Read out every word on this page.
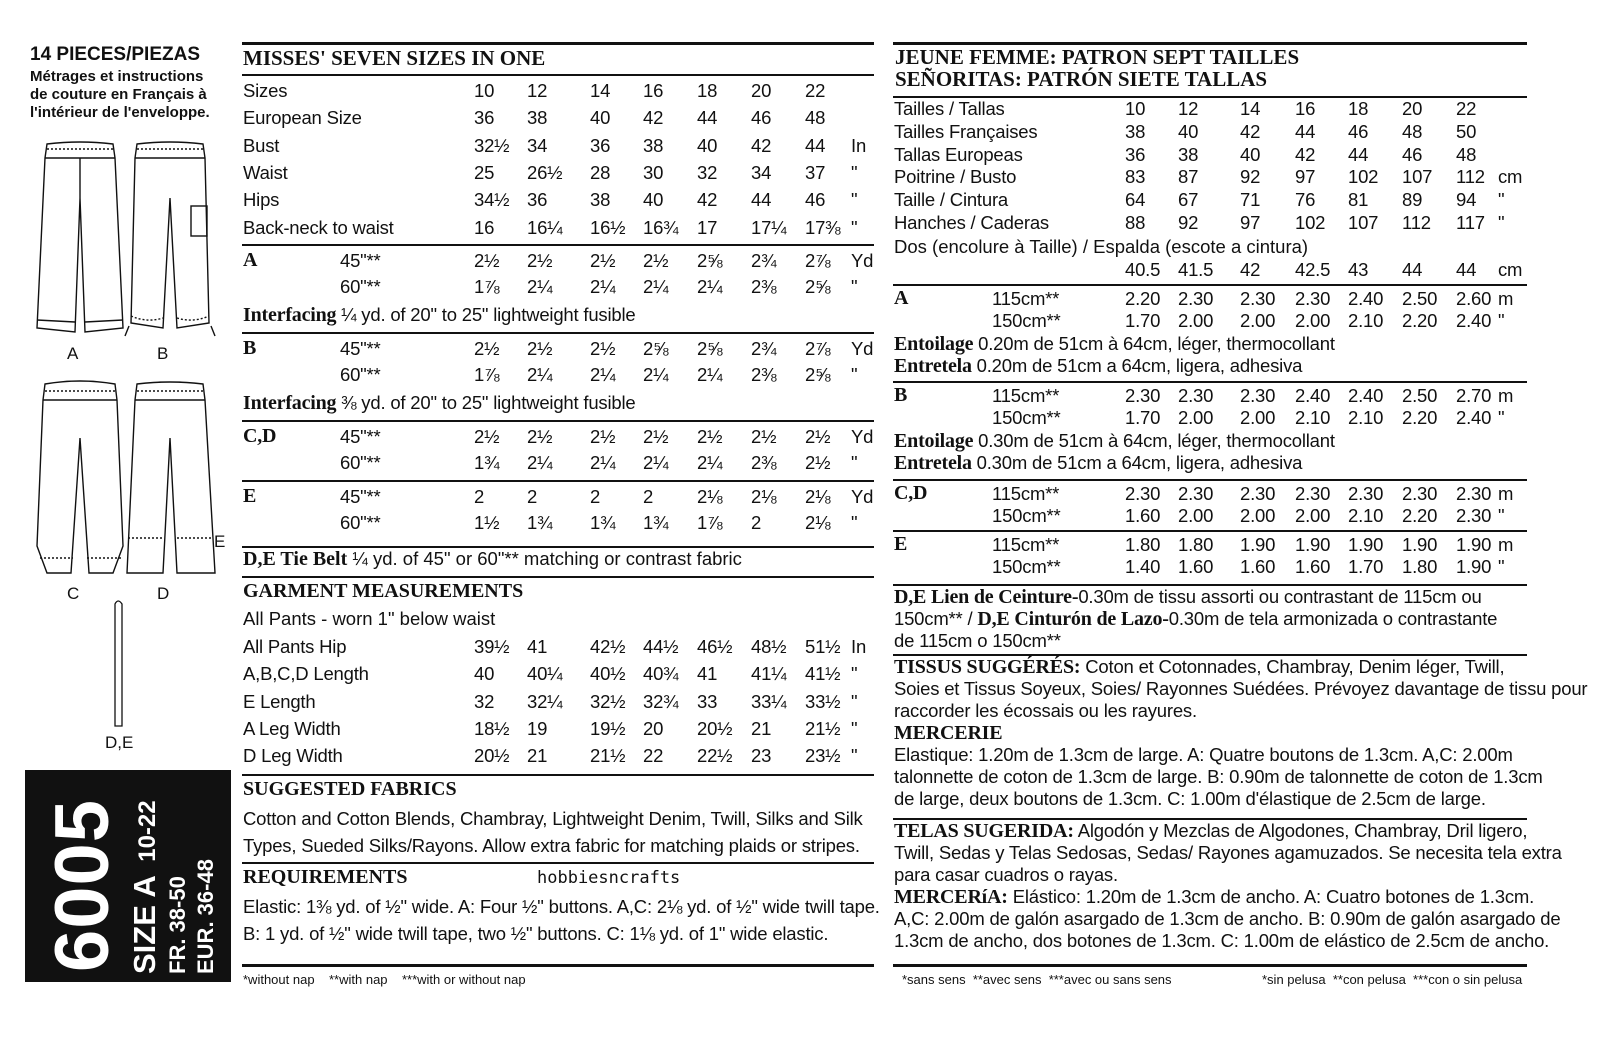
14 PIECES/PIEZAS
Métrages et instructions
de couture en Français à
l'intérieur de l'enveloppe.
A	B
C	D
E
D,E
6005 SIZE A 10-22
FR. 38-50 EUR. 36-48
MISSES' SEVEN SIZES IN ONE
Sizes	10 12 14 16 18 20 22
European Size	36 38 40 42 44 46 48
Bust	32½ 34 36 38 40 42 44 In
Waist	25 26½ 28 30 32 34 37 "
Hips	34½ 36 38 40 42 44 46 "
Back-neck to waist	16 16¼ 16½ 16¾ 17 17¼ 17⅜ "
A	45"**	2½ 2½ 2½ 2½ 2⅝ 2¾ 2⅞ Yd
60"**	1⅞ 2¼ 2¼ 2¼ 2¼ 2⅜ 2⅝ "
Interfacing ¼ yd. of 20" to 25" lightweight fusible
B	45"**	2½ 2½ 2½ 2⅝ 2⅝ 2¾ 2⅞ Yd
60"**	1⅞ 2¼ 2¼ 2¼ 2¼ 2⅜ 2⅝ "
Interfacing ⅜ yd. of 20" to 25" lightweight fusible
C,D	45"**	2½ 2½ 2½ 2½ 2½ 2½ 2½ Yd
60"**	1¾ 2¼ 2¼ 2¼ 2¼ 2⅜ 2½ "
E	45"**	2 2	2 2 2⅛ 2⅛ 2⅛ Yd
60"**	1½ 1¾ 1¾ 1¾ 1⅞ 2 2⅛ "
D,E Tie Belt ¼ yd. of 45" or 60"** matching or contrast fabric
GARMENT MEASUREMENTS
All Pants - worn 1" below waist
All Pants Hip	39½ 41 42½ 44½ 46½ 48½ 51½ In
A,B,C,D Length	40 40¼ 40½ 40¾ 41 41¼ 41½ "
E Length	32 32¼ 32½ 32¾ 33 33¼ 33½ "
A Leg Width	18½ 19 19½ 20 20½ 21 21½ "
D Leg Width	20½ 21 21½ 22 22½ 23 23½ "
SUGGESTED FABRICS
Cotton and Cotton Blends, Chambray, Lightweight Denim, Twill, Silks and Silk
Types, Sueded Silks/Rayons. Allow extra fabric for matching plaids or stripes.
REQUIREMENTS	hobbiesncrafts
Elastic: 1⅜ yd. of ½" wide. A: Four ½" buttons. A,C: 2⅛ yd. of ½" wide twill tape.
B: 1 yd. of ½" wide twill tape, two ½" buttons. C: 1⅛ yd. of 1" wide elastic.
*without nap    **with nap    ***with or without nap
JEUNE FEMME: PATRON SEPT TAILLES
SEÑORITAS: PATRÓN SIETE TALLAS
Tailles / Tallas	10 12 14 16 18 20 22
Tailles Françaises	38 40 42 44 46 48 50
Tallas Europeas	36 38 40 42 44 46 48
Poitrine / Busto	83 87 92 97 102 107 112 cm
Taille / Cintura	64 67 71 76 81 89 94 "
Hanches / Caderas	88 92 97 102 107 112 117 "
Dos (encolure à Taille) / Espalda (escote a cintura)
40.5 41.5 42 42.5 43 44 44 cm
A	115cm**	2.20 2.30 2.30 2.30 2.40 2.50 2.60 m
150cm**	1.70 2.00 2.00 2.00 2.10 2.20 2.40 "
Entoilage 0.20m de 51cm à 64cm, léger, thermocollant
Entretela 0.20m de 51cm a 64cm, ligera, adhesiva
B	115cm**	2.30 2.30 2.30 2.40 2.40 2.50 2.70 m
150cm**	1.70 2.00 2.00 2.10 2.10 2.20 2.40 "
Entoilage 0.30m de 51cm à 64cm, léger, thermocollant
Entretela 0.30m de 51cm a 64cm, ligera, adhesiva
C,D	115cm**	2.30 2.30 2.30 2.30 2.30 2.30 2.30 m
150cm**	1.60 2.00 2.00 2.00 2.10 2.20 2.30 "
E	115cm**	1.80 1.80 1.90 1.90 1.90 1.90 1.90 m
150cm**	1.40 1.60 1.60 1.60 1.70 1.80 1.90 "
D,E Lien de Ceinture-0.30m de tissu assorti ou contrastant de 115cm ou
150cm** / D,E Cinturón de Lazo-0.30m de tela armonizada o contrastante
de 115cm o 150cm**
TISSUS SUGGÉRÉS: Coton et Cotonnades, Chambray, Denim léger, Twill,
Soies et Tissus Soyeux, Soies/ Rayonnes Suédées. Prévoyez davantage de tissu pour
raccorder les écossais ou les rayures.
MERCERIE
Elastique: 1.20m de 1.3cm de large. A: Quatre boutons de 1.3cm. A,C: 2.00m
talonnette de coton de 1.3cm de large. B: 0.90m de talonnette de coton de 1.3cm
de large, deux boutons de 1.3cm. C: 1.00m d'élastique de 2.5cm de large.
TELAS SUGERIDA: Algodón y Mezclas de Algodones, Chambray, Dril ligero,
Twill, Sedas y Telas Sedosas, Sedas/ Rayones agamuzados. Se necesita tela extra
para casar cuadros o rayas.
MERCERíA: Elástico: 1.20m de 1.3cm de ancho. A: Cuatro botones de 1.3cm.
A,C: 2.00m de galón asargado de 1.3cm de ancho. B: 0.90m de galón asargado de
1.3cm de ancho, dos botones de 1.3cm. C: 1.00m de elástico de 2.5cm de ancho.
*sans sens  **avec sens  ***avec ou sans sens	*sin pelusa  **con pelusa  ***con o sin pelusa
